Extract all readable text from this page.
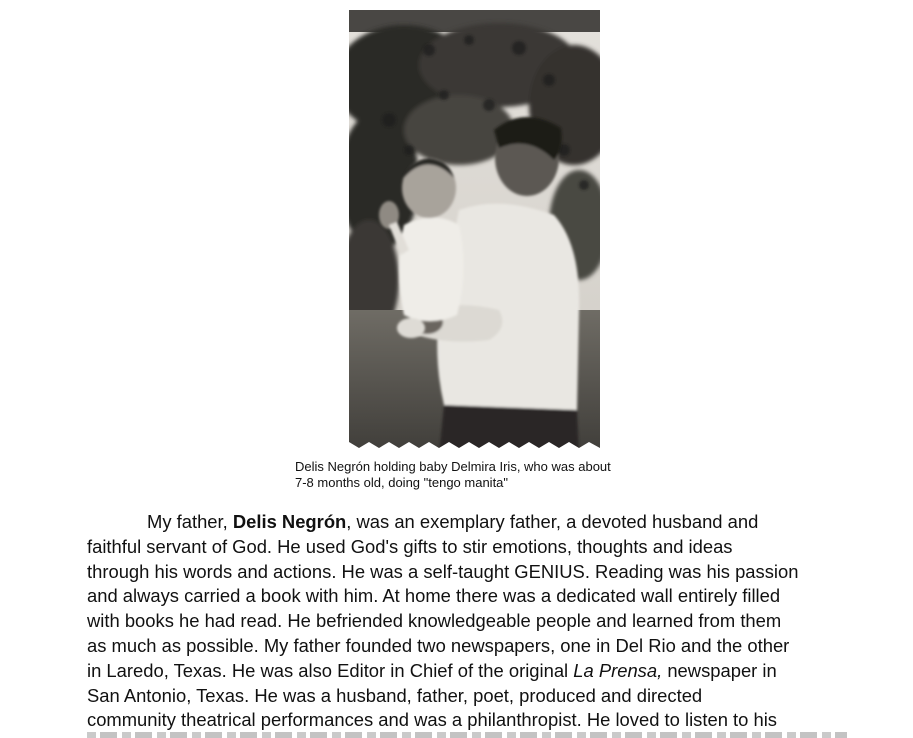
Delis Negrón holding baby Delmira Iris, who was about
7-8 months old, doing "tengo manita"
My father, Delis Negrón, was an exemplary father, a devoted husband and
faithful servant of God. He used God's gifts to stir emotions, thoughts and ideas
through his words and actions. He was a self-taught GENIUS. Reading was his passion
and always carried a book with him. At home there was a dedicated wall entirely filled
with books he had read. He befriended knowledgeable people and learned from them
as much as possible. My father founded two newspapers, one in Del Rio and the other
in Laredo, Texas. He was also Editor in Chief of the original La Prensa, newspaper in
San Antonio, Texas. He was a husband, father, poet, produced and directed
community theatrical performances and was a philanthropist. He loved to listen to his
